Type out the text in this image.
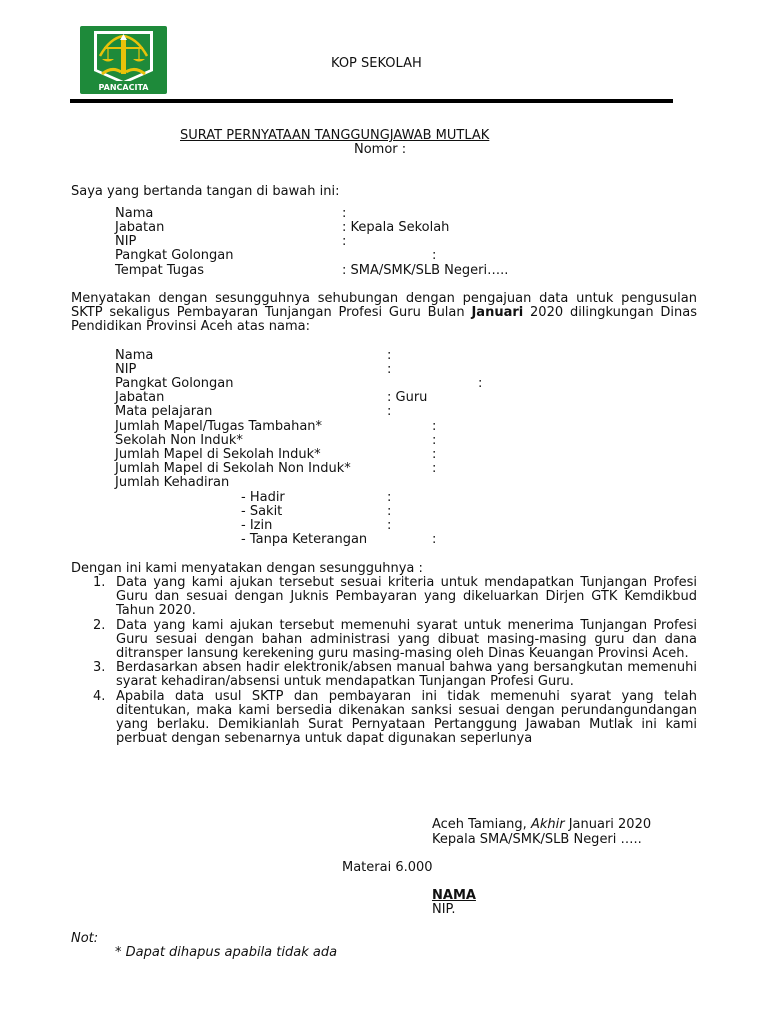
PANCACITA
KOP SEKOLAH
SURAT PERNYATAAN TANGGUNGJAWAB MUTLAK
Nomor :
Saya yang bertanda tangan di bawah ini:
Nama	:
Jabatan	: Kepala Sekolah
NIP	:
Pangkat Golongan	:
Tempat Tugas	: SMA/SMK/SLB Negeri…..
Menyatakan dengan sesungguhnya sehubungan dengan pengajuan data untuk pengusulan SKTP sekaligus Pembayaran Tunjangan Profesi Guru Bulan Januari 2020 dilingkungan Dinas Pendidikan Provinsi Aceh atas nama:
Nama	:
NIP	:
Pangkat Golongan	:
Jabatan	: Guru
Mata pelajaran	:
Jumlah Mapel/Tugas Tambahan*	:
Sekolah Non Induk*	:
Jumlah Mapel di Sekolah Induk*	:
Jumlah Mapel di Sekolah Non Induk*	:
Jumlah Kehadiran
- Hadir	:
- Sakit	:
- Izin	:
- Tanpa Keterangan	:
Dengan ini kami menyatakan dengan sesungguhnya :
1. Data yang kami ajukan tersebut sesuai kriteria untuk mendapatkan Tunjangan Profesi Guru dan sesuai dengan Juknis Pembayaran yang dikeluarkan Dirjen GTK Kemdikbud Tahun 2020.
2. Data yang kami ajukan tersebut memenuhi syarat untuk menerima Tunjangan Profesi Guru sesuai dengan bahan administrasi yang dibuat masing-masing guru dan dana ditransper lansung kerekening guru masing-masing oleh Dinas Keuangan Provinsi Aceh.
3. Berdasarkan absen hadir elektronik/absen manual bahwa yang bersangkutan memenuhi syarat kehadiran/absensi untuk mendapatkan Tunjangan Profesi Guru.
4. Apabila data usul SKTP dan pembayaran ini tidak memenuhi syarat yang telah ditentukan, maka kami bersedia dikenakan sanksi sesuai dengan perundangundangan yang berlaku. Demikianlah Surat Pernyataan Pertanggung Jawaban Mutlak ini kami perbuat dengan sebenarnya untuk dapat digunakan seperlunya
Aceh Tamiang, Akhir Januari 2020
Kepala SMA/SMK/SLB Negeri …..
Materai 6.000
NAMA
NIP.
Not:
* Dapat dihapus apabila tidak ada
